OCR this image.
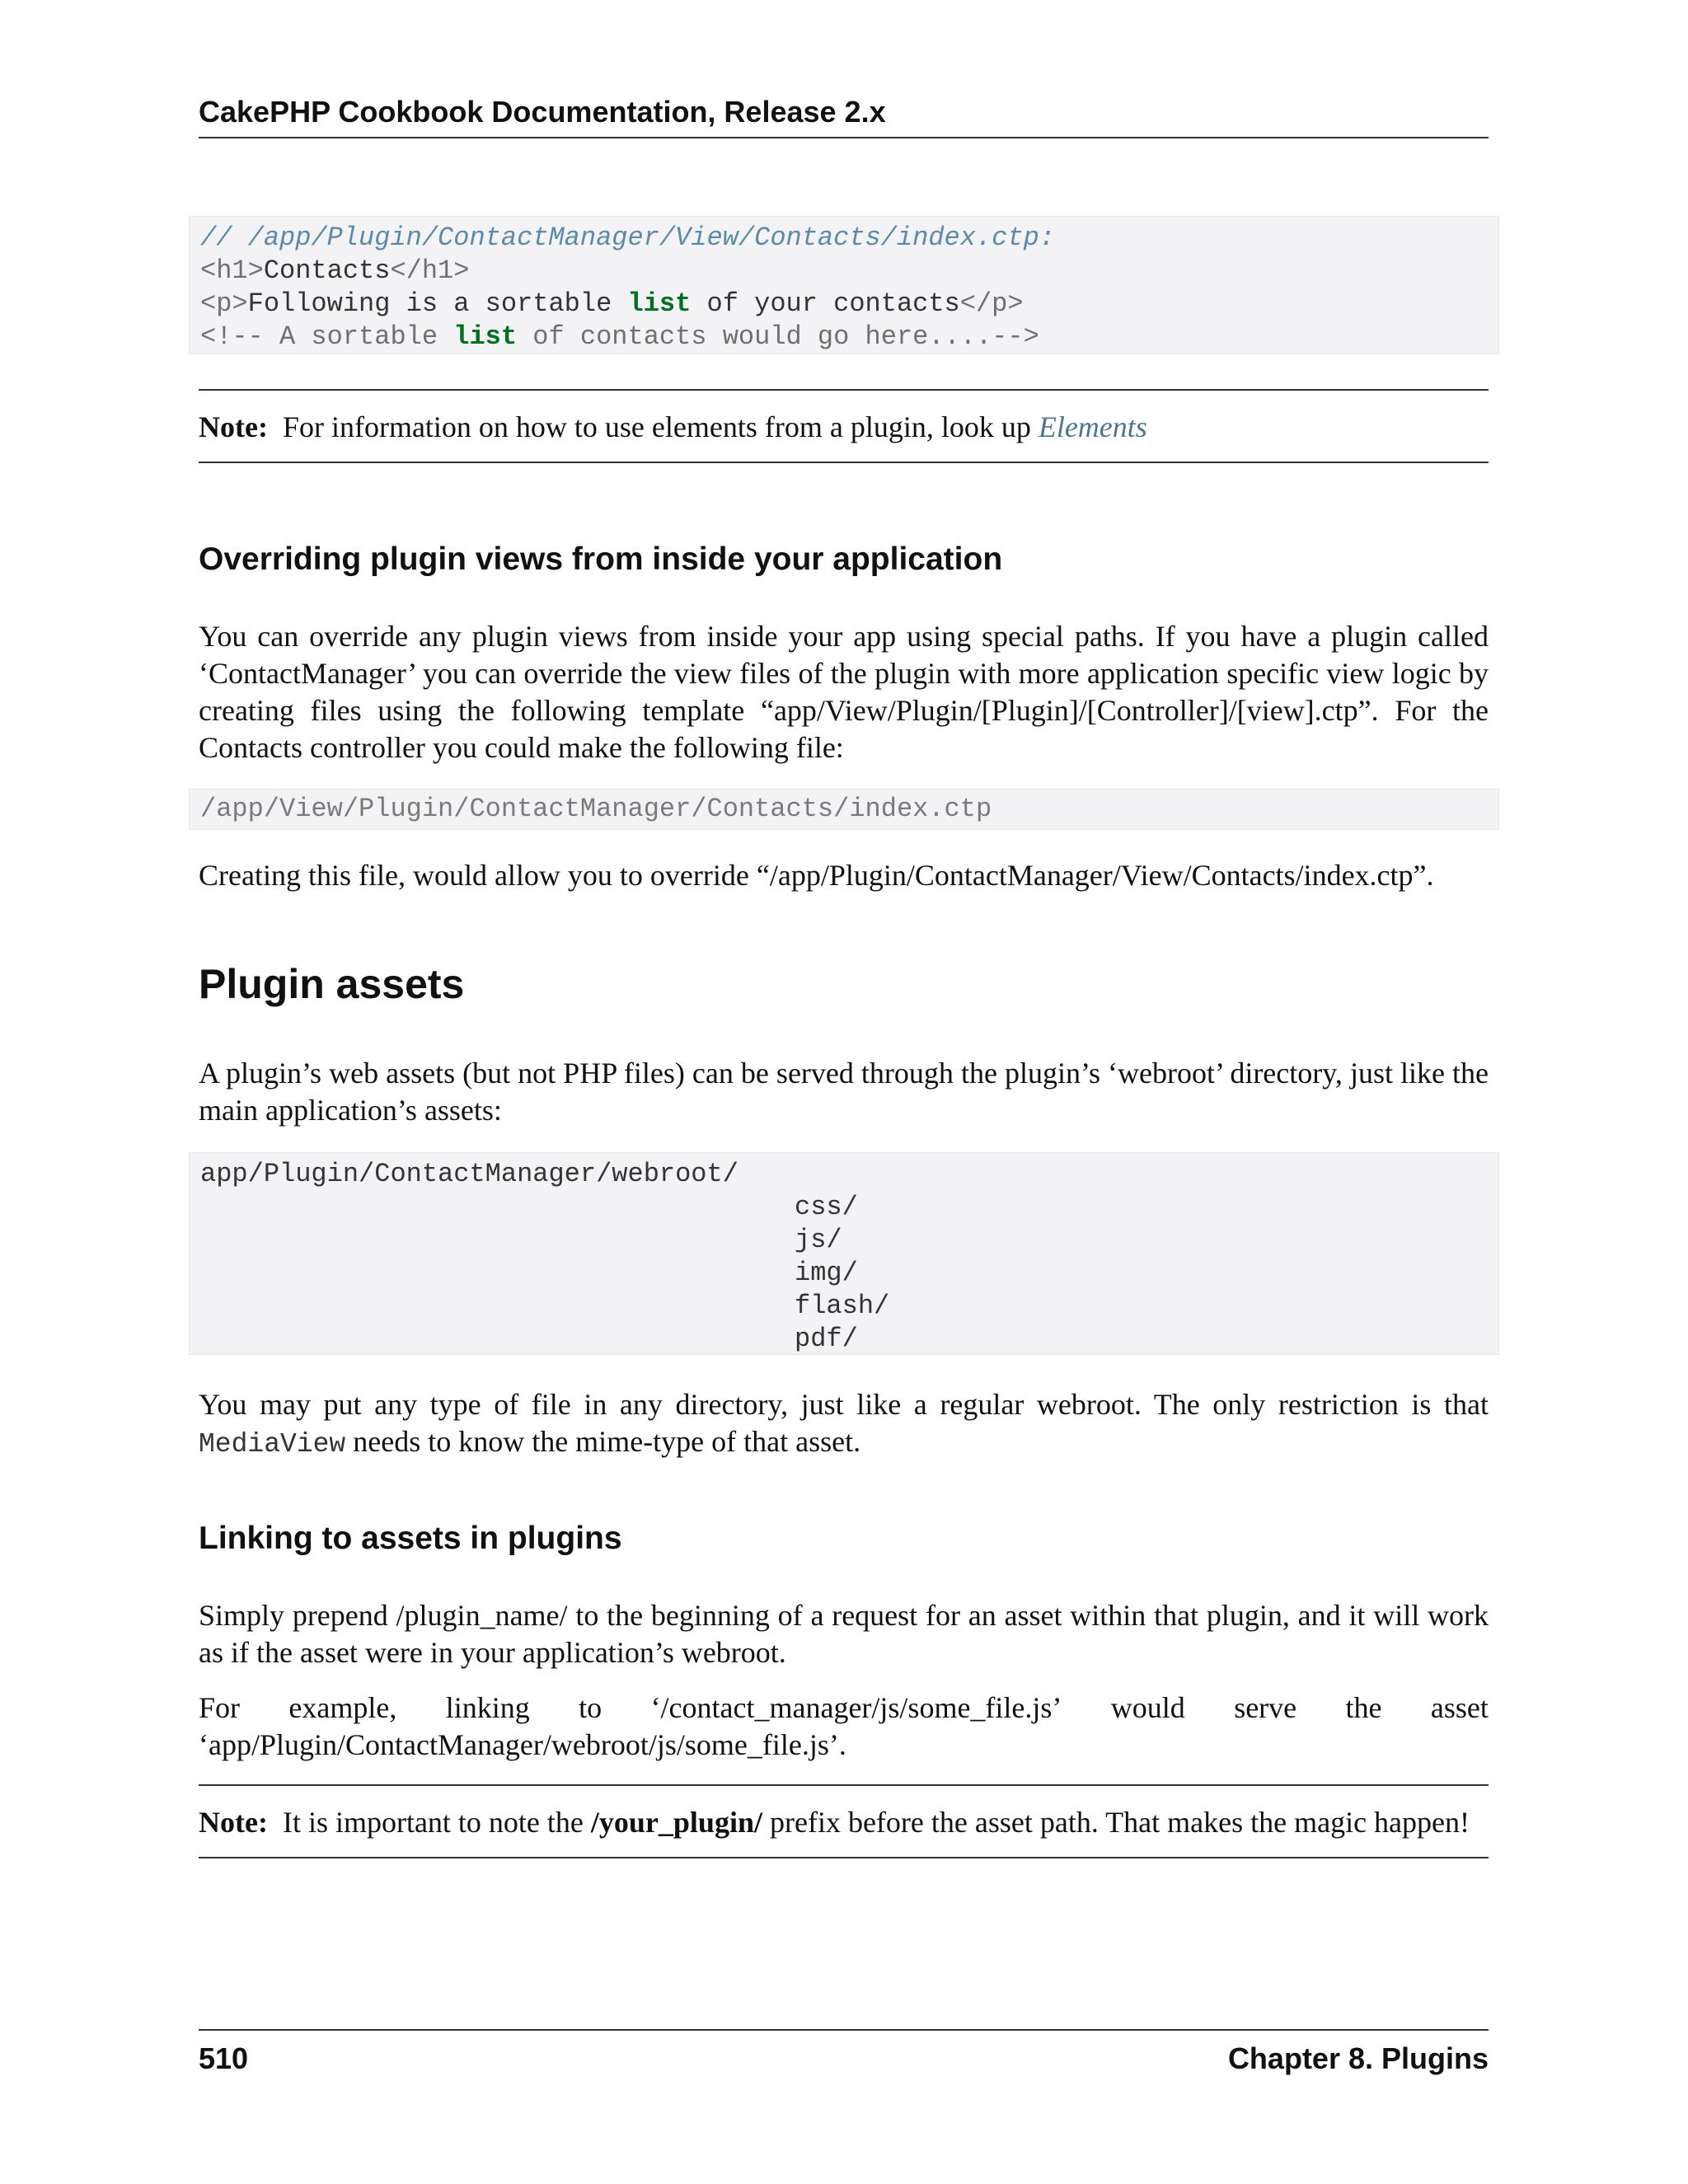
CakePHP Cookbook Documentation, Release 2.x
// /app/Plugin/ContactManager/View/Contacts/index.ctp:
<h1>Contacts</h1>
<p>Following is a sortable list of your contacts</p>
<!-- A sortable list of contacts would go here....-->
Note: For information on how to use elements from a plugin, look up Elements
Overriding plugin views from inside your application
You can override any plugin views from inside your app using special paths. If you have a plugin called ‘ContactManager’ you can override the view files of the plugin with more application specific view logic by creating files using the following template “app/View/Plugin/[Plugin]/[Controller]/[view].ctp”. For the Contacts controller you could make the following file:
/app/View/Plugin/ContactManager/Contacts/index.ctp
Creating this file, would allow you to override “/app/Plugin/ContactManager/View/Contacts/index.ctp”.
Plugin assets
A plugin’s web assets (but not PHP files) can be served through the plugin’s ‘webroot’ directory, just like the main application’s assets:
app/Plugin/ContactManager/webroot/
css/
js/
img/
flash/
pdf/
You may put any type of file in any directory, just like a regular webroot. The only restriction is that MediaView needs to know the mime-type of that asset.
Linking to assets in plugins
Simply prepend /plugin_name/ to the beginning of a request for an asset within that plugin, and it will work as if the asset were in your application’s webroot.
For example, linking to ‘/contact_manager/js/some_file.js’ would serve the asset
‘app/Plugin/ContactManager/webroot/js/some_file.js’.
Note: It is important to note the /your_plugin/ prefix before the asset path. That makes the magic happen!
510	Chapter 8. Plugins
